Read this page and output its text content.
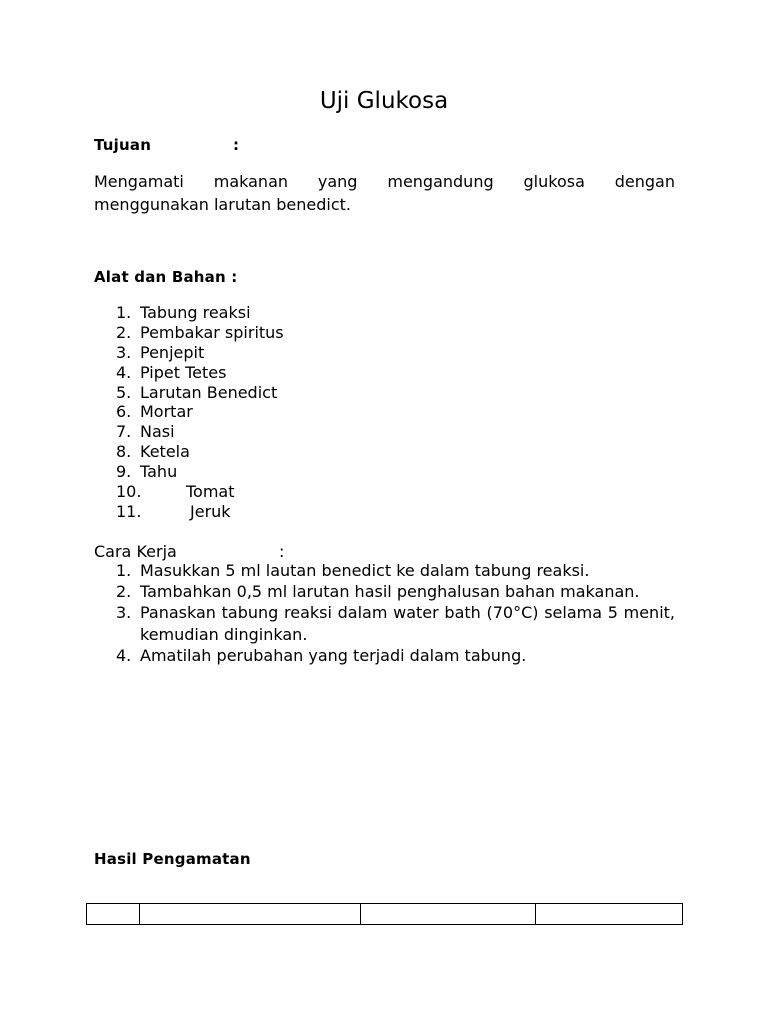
Uji Glukosa
Tujuan	:
Mengamati makanan yang mengandung glukosa dengan
menggunakan larutan benedict.
Alat dan Bahan :
1. Tabung reaksi
2. Pembakar spiritus
3. Penjepit
4. Pipet Tetes
5. Larutan Benedict
6. Mortar
7. Nasi
8. Ketela
9. Tahu
10.	Tomat
11.	Jeruk
Cara Kerja	:
1. Masukkan 5 ml lautan benedict ke dalam tabung reaksi.
2. Tambahkan 0,5 ml larutan hasil penghalusan bahan makanan.
3. Panaskan tabung reaksi dalam water bath (70°C) selama 5 menit, kemudian dinginkan.
4. Amatilah perubahan yang terjadi dalam tabung.
Hasil Pengamatan
